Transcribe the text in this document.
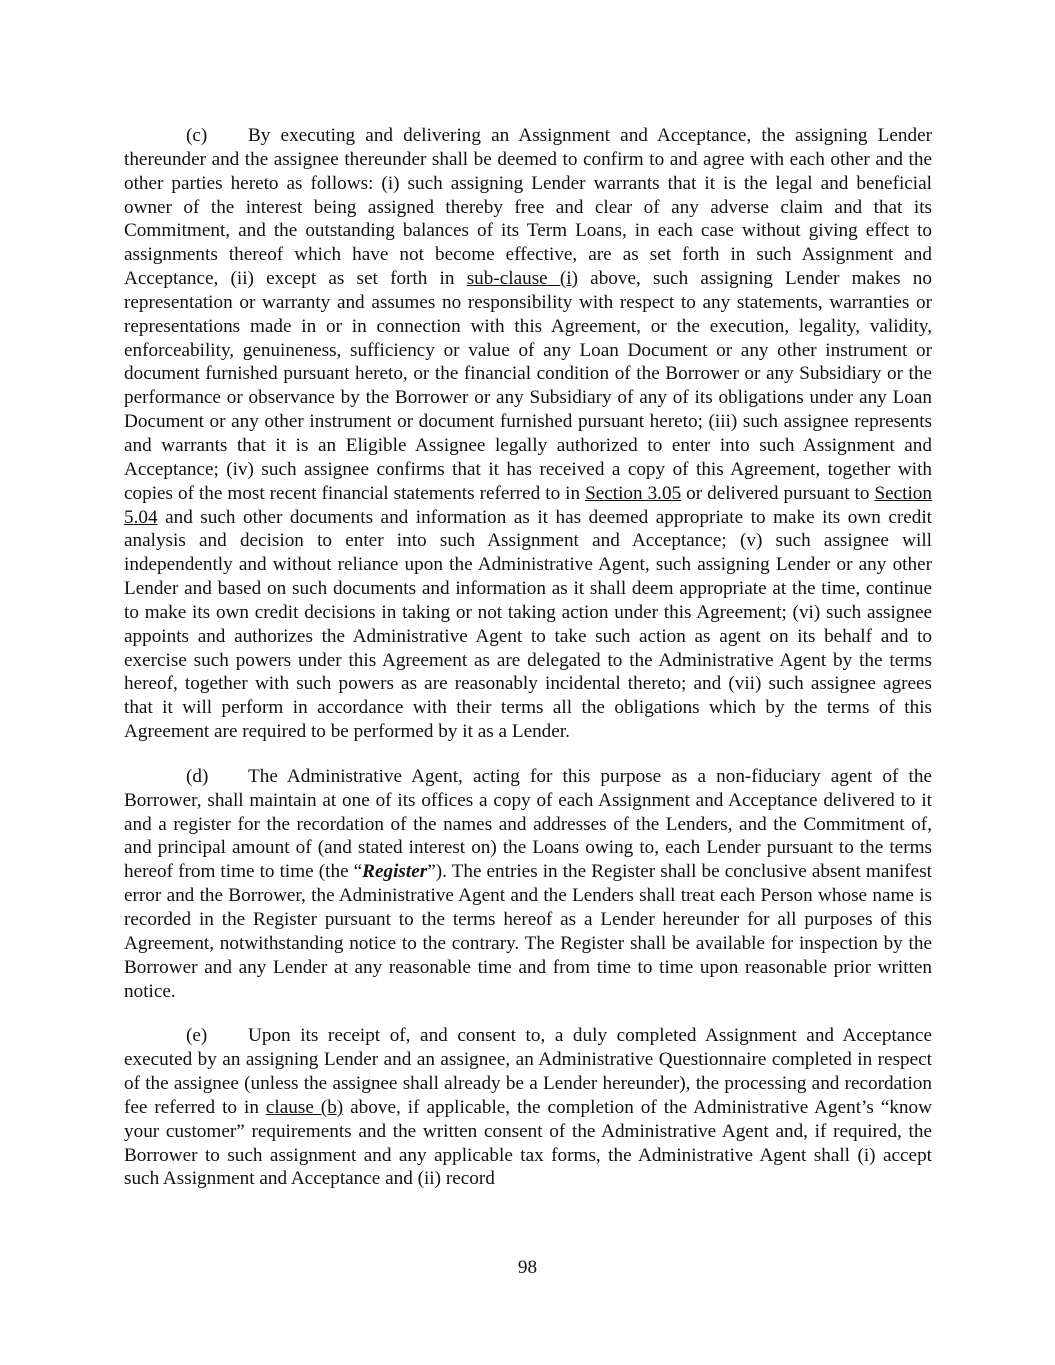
(c) By executing and delivering an Assignment and Acceptance, the assigning Lender thereunder and the assignee thereunder shall be deemed to confirm to and agree with each other and the other parties hereto as follows: (i) such assigning Lender warrants that it is the legal and beneficial owner of the interest being assigned thereby free and clear of any adverse claim and that its Commitment, and the outstanding balances of its Term Loans, in each case without giving effect to assignments thereof which have not become effective, are as set forth in such Assignment and Acceptance, (ii) except as set forth in sub-clause (i) above, such assigning Lender makes no representation or warranty and assumes no responsibility with respect to any statements, warranties or representations made in or in connection with this Agreement, or the execution, legality, validity, enforceability, genuineness, sufficiency or value of any Loan Document or any other instrument or document furnished pursuant hereto, or the financial condition of the Borrower or any Subsidiary or the performance or observance by the Borrower or any Subsidiary of any of its obligations under any Loan Document or any other instrument or document furnished pursuant hereto; (iii) such assignee represents and warrants that it is an Eligible Assignee legally authorized to enter into such Assignment and Acceptance; (iv) such assignee confirms that it has received a copy of this Agreement, together with copies of the most recent financial statements referred to in Section 3.05 or delivered pursuant to Section 5.04 and such other documents and information as it has deemed appropriate to make its own credit analysis and decision to enter into such Assignment and Acceptance; (v) such assignee will independently and without reliance upon the Administrative Agent, such assigning Lender or any other Lender and based on such documents and information as it shall deem appropriate at the time, continue to make its own credit decisions in taking or not taking action under this Agreement; (vi) such assignee appoints and authorizes the Administrative Agent to take such action as agent on its behalf and to exercise such powers under this Agreement as are delegated to the Administrative Agent by the terms hereof, together with such powers as are reasonably incidental thereto; and (vii) such assignee agrees that it will perform in accordance with their terms all the obligations which by the terms of this Agreement are required to be performed by it as a Lender.

(d) The Administrative Agent, acting for this purpose as a non-fiduciary agent of the Borrower, shall maintain at one of its offices a copy of each Assignment and Acceptance delivered to it and a register for the recordation of the names and addresses of the Lenders, and the Commitment of, and principal amount of (and stated interest on) the Loans owing to, each Lender pursuant to the terms hereof from time to time (the “Register”). The entries in the Register shall be conclusive absent manifest error and the Borrower, the Administrative Agent and the Lenders shall treat each Person whose name is recorded in the Register pursuant to the terms hereof as a Lender hereunder for all purposes of this Agreement, notwithstanding notice to the contrary. The Register shall be available for inspection by the Borrower and any Lender at any reasonable time and from time to time upon reasonable prior written notice.

(e) Upon its receipt of, and consent to, a duly completed Assignment and Acceptance executed by an assigning Lender and an assignee, an Administrative Questionnaire completed in respect of the assignee (unless the assignee shall already be a Lender hereunder), the processing and recordation fee referred to in clause (b) above, if applicable, the completion of the Administrative Agent’s “know your customer” requirements and the written consent of the Administrative Agent and, if required, the Borrower to such assignment and any applicable tax forms, the Administrative Agent shall (i) accept such Assignment and Acceptance and (ii) record

98
